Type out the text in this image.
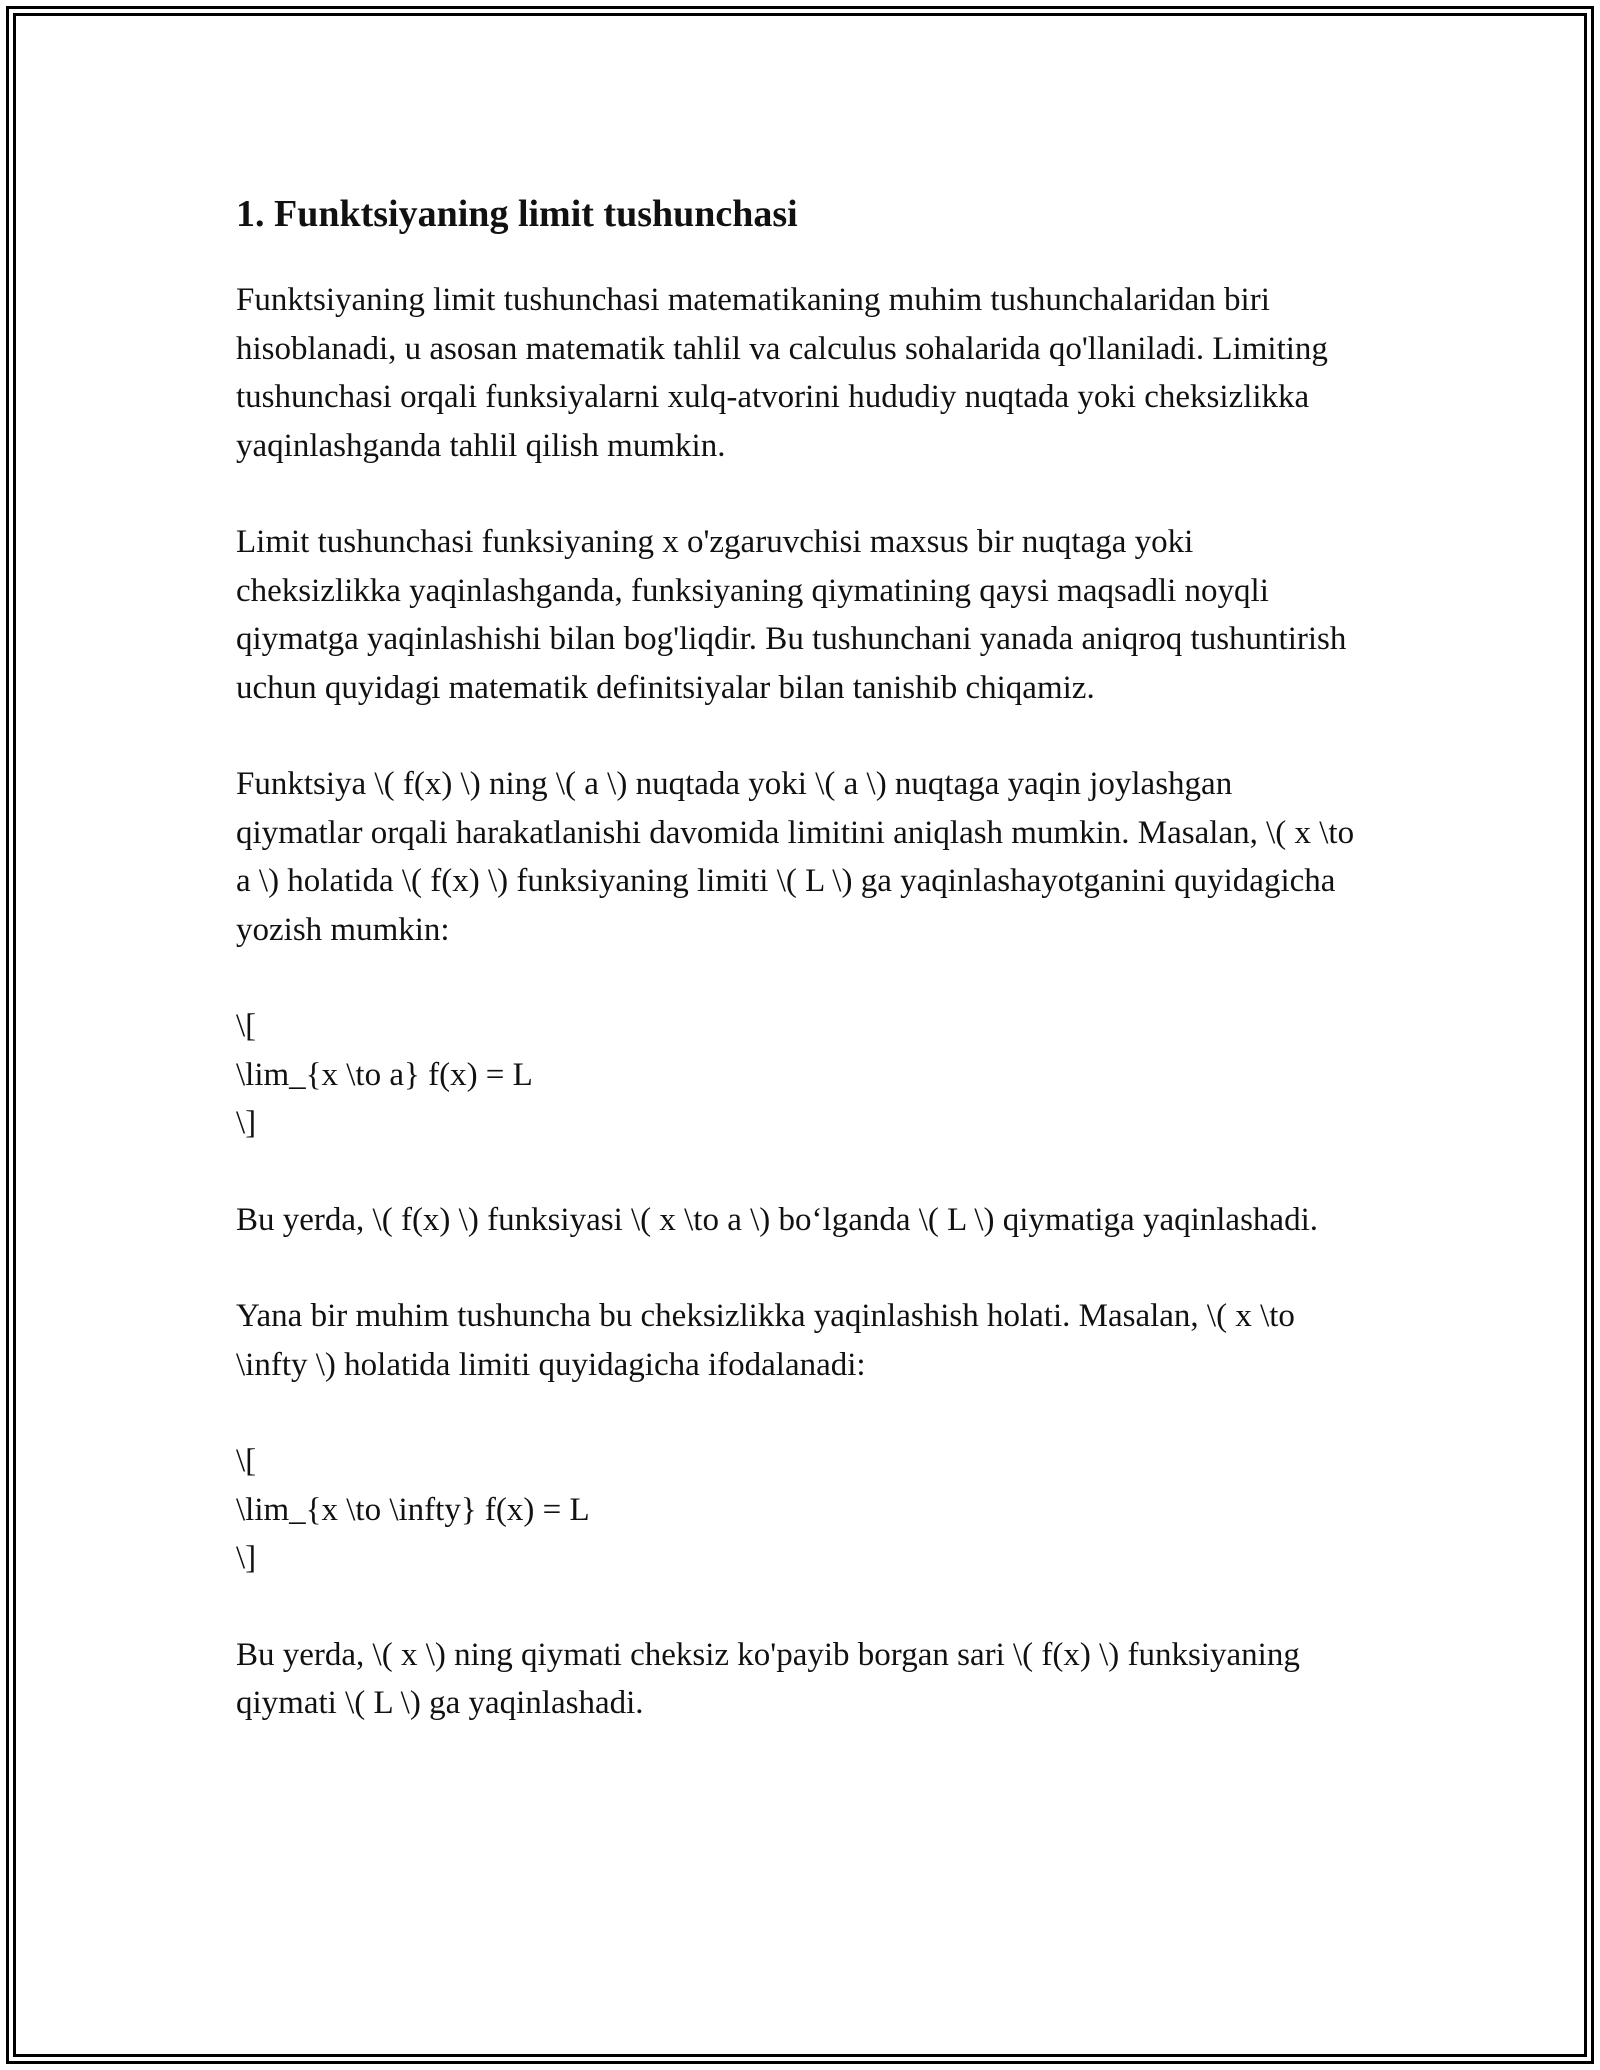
1. Funktsiyaning limit tushunchasi

Funktsiyaning limit tushunchasi matematikaning muhim tushunchalaridan biri hisoblanadi, u asosan matematik tahlil va calculus sohalarida qo'llaniladi. Limiting tushunchasi orqali funksiyalarni xulq-atvorini hududiy nuqtada yoki cheksizlikka yaqinlashganda tahlil qilish mumkin.

Limit tushunchasi funksiyaning x o'zgaruvchisi maxsus bir nuqtaga yoki cheksizlikka yaqinlashganda, funksiyaning qiymatining qaysi maqsadli noyqli qiymatga yaqinlashishi bilan bog'liqdir. Bu tushunchani yanada aniqroq tushuntirish uchun quyidagi matematik definitsiyalar bilan tanishib chiqamiz.

Funktsiya \( f(x) \) ning \( a \) nuqtada yoki \( a \) nuqtaga yaqin joylashgan qiymatlar orqali harakatlanishi davomida limitini aniqlash mumkin. Masalan, \( x \to a \) holatida \( f(x) \) funksiyaning limiti \( L \) ga yaqinlashayotganini quyidagicha yozish mumkin:

\[
\lim_{x \to a} f(x) = L
\]

Bu yerda, \( f(x) \) funksiyasi \( x \to a \) bo‘lganda \( L \) qiymatiga yaqinlashadi.

Yana bir muhim tushuncha bu cheksizlikka yaqinlashish holati. Masalan, \( x \to \infty \) holatida limiti quyidagicha ifodalanadi:

\[
\lim_{x \to \infty} f(x) = L
\]

Bu yerda, \( x \) ning qiymati cheksiz ko'payib borgan sari \( f(x) \) funksiyaning qiymati \( L \) ga yaqinlashadi.
